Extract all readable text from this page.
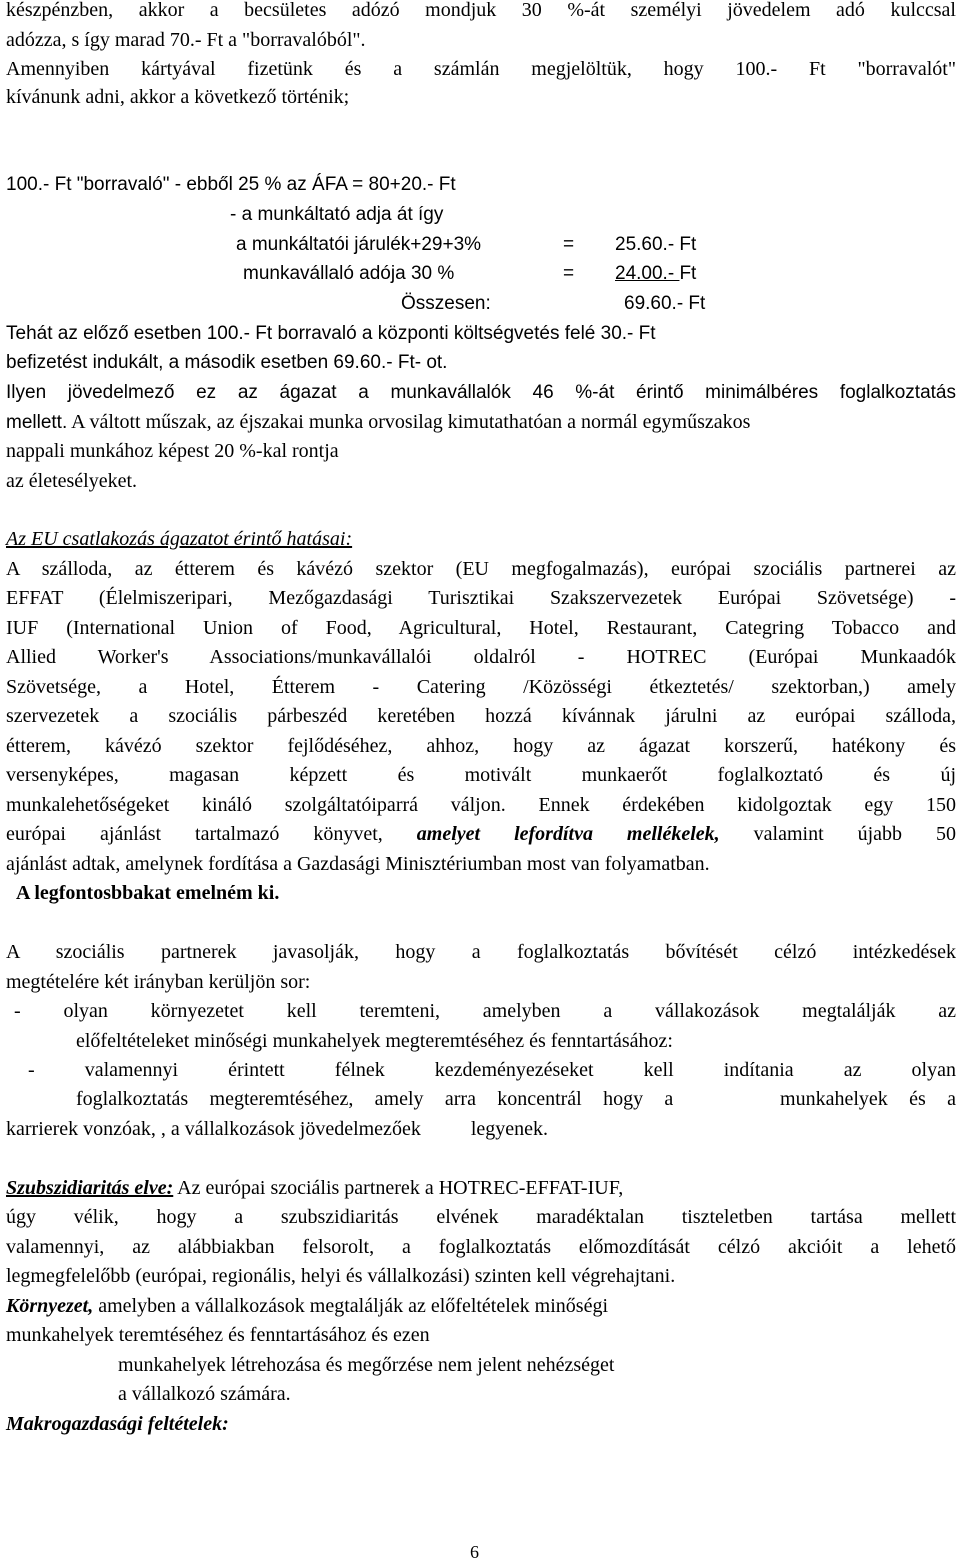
készpénzben, akkor a becsületes adózó mondjuk 30 %-át személyi jövedelem adó kulccsal
adózza, s így marad 70.- Ft a "borravalóból".
Amennyiben kártyával fizetünk és a számlán megjelöltük, hogy 100.- Ft "borravalót"
kívánunk adni, akkor a következő történik;
100.- Ft "borravaló" - ebből 25 % az ÁFA = 80+20.- Ft
- a munkáltató adja át így
a munkáltatói járulék+29+3%	= 25.60.- Ft
munkavállaló adója 30 %	= 24.00.- Ft
Összesen:	69.60.- Ft
Tehát az előző esetben 100.- Ft borravaló a központi költségvetés felé 30.- Ft
befizetést indukált, a második esetben 69.60.- Ft- ot.
Ilyen jövedelmező ez az ágazat a munkavállalók 46 %-át érintő minimálbéres foglalkoztatás
mellett. A váltott műszak, az éjszakai munka orvosilag kimutathatóan a normál egyműszakos
nappali munkához képest 20 %-kal rontja
az életesélyeket.
Az EU csatlakozás ágazatot érintő hatásai:
A szálloda, az étterem és kávézó szektor (EU megfogalmazás), európai szociális partnerei az
EFFAT (Élelmiszeripari, Mezőgazdasági Turisztikai Szakszervezetek Európai Szövetsége) -
IUF (International Union of Food, Agricultural, Hotel, Restaurant, Categring Tobacco and
Allied Worker's Associations/munkavállalói oldalról - HOTREC (Európai Munkaadók
Szövetsége, a Hotel, Étterem - Catering /Közösségi étkeztetés/ szektorban,) amely
szervezetek a szociális párbeszéd keretében hozzá kívánnak járulni az európai szálloda,
étterem, kávézó szektor fejlődéséhez, ahhoz, hogy az ágazat korszerű, hatékony és
versenyképes, magasan képzett és motivált munkaerőt foglalkoztató és új
munkalehetőségeket kináló szolgáltatóiparrá váljon. Ennek érdekében kidolgoztak egy 150
európai ajánlást tartalmazó könyvet, amelyet lefordítva mellékelek, valamint újabb 50
ajánlást adtak, amelynek fordítása a Gazdasági Minisztériumban most van folyamatban.
A legfontosbbakat emelném ki.
A szociális partnerek javasolják, hogy a foglalkoztatás bővítését célzó intézkedések
megtételére két irányban kerüljön sor:
- olyan környezetet kell teremteni, amelyben a vállakozások megtalálják az
előfeltételeket minőségi munkahelyek megteremtéséhez és fenntartásához:
- valamennyi érintett félnek kezdeményezéseket kell indítania az olyan
foglalkoztatás megteremtéséhez, amely arra koncentrál hogy a     munkahelyek és a
karrierek vonzóak, , a vállalkozások jövedelmezőek          legyenek.
Szubszidiaritás elve: Az európai szociális partnerek a HOTREC-EFFAT-IUF,
úgy vélik, hogy a szubszidiaritás elvének maradéktalan tiszteletben tartása mellett
valamennyi, az alábbiakban felsorolt, a foglalkoztatás előmozdítását célzó akcióit a lehető
legmegfelelőbb (európai, regionális, helyi és vállalkozási) szinten kell végrehajtani.
Környezet, amelyben a vállalkozások megtalálják az előfeltételek minőségi
munkahelyek teremtéséhez és fenntartásához és ezen
munkahelyek létrehozása és megőrzése nem jelent nehézséget
a vállalkozó számára.
Makrogazdasági feltételek:
6
